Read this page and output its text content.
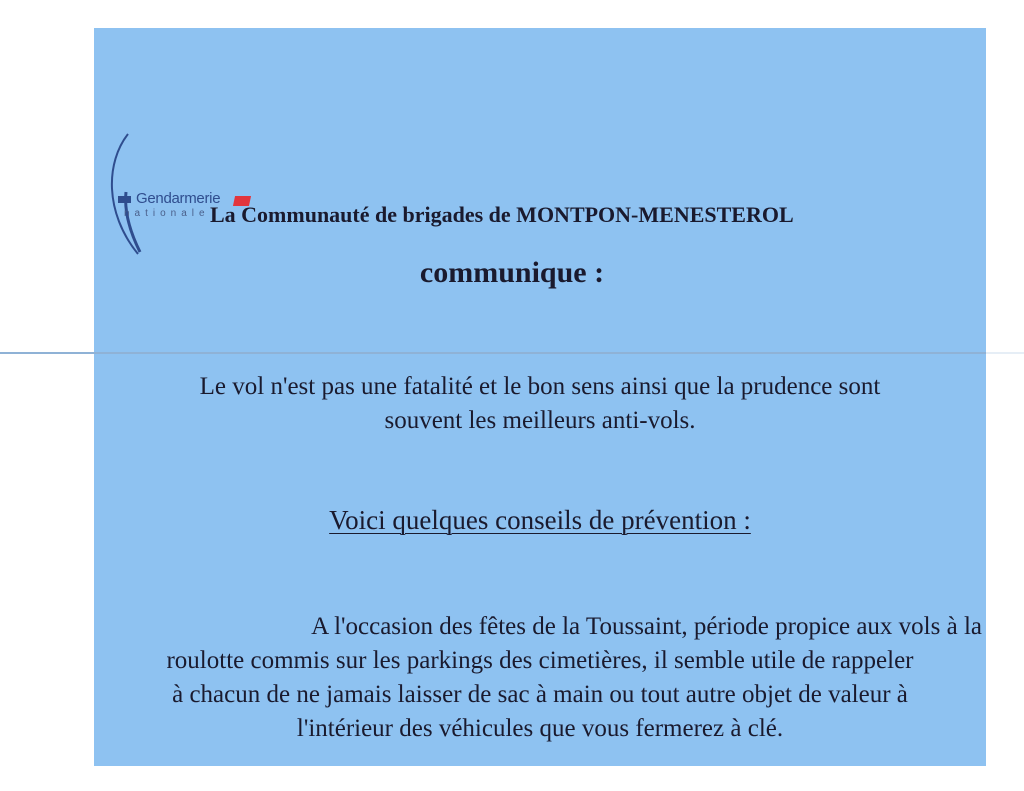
Gendarmerie
nationale La Communauté de brigades de MONTPON-MENESTEROL
communique :
Le vol n'est pas une fatalité et le bon sens ainsi que la prudence sont
souvent les meilleurs anti-vols.
Voici quelques conseils de prévention :
A l'occasion des fêtes de la Toussaint, période propice aux vols à la
roulotte commis sur les parkings des cimetières, il semble utile de rappeler
à chacun de ne jamais laisser de sac à main ou tout autre objet de valeur à
l'intérieur des véhicules que vous fermerez à clé.
